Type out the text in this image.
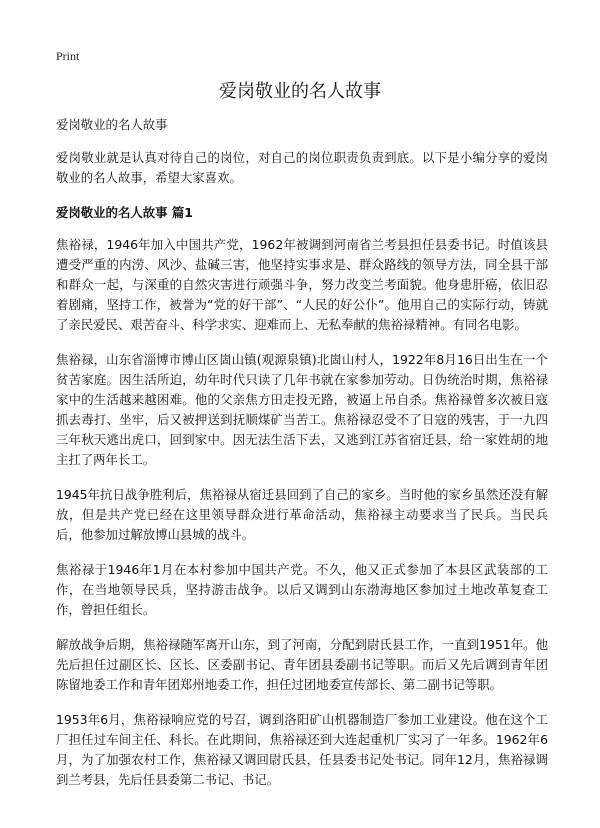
Print
爱岗敬业的名人故事

爱岗敬业的名人故事

爱岗敬业就是认真对待自己的岗位，对自己的岗位职责负责到底。以下是小编分享的爱岗敬业的名人故事，希望大家喜欢。

爱岗敬业的名人故事 篇1

焦裕禄，1946年加入中国共产党，1962年被调到河南省兰考县担任县委书记。时值该县遭受严重的内涝、风沙、盐碱三害，他坚持实事求是、群众路线的领导方法，同全县干部和群众一起，与深重的自然灾害进行顽强斗争，努力改变兰考面貌。他身患肝癌，依旧忍着剧痛，坚持工作，被誉为“党的好干部”、“人民的好公仆”。他用自己的实际行动，铸就了亲民爱民、艰苦奋斗、科学求实、迎难而上、无私奉献的焦裕禄精神。有同名电影。

焦裕禄，山东省淄博市博山区崮山镇(观源泉镇)北崮山村人，1922年8月16日出生在一个贫苦家庭。因生活所迫，幼年时代只读了几年书就在家参加劳动。日伪统治时期，焦裕禄家中的生活越来越困难。他的父亲焦方田走投无路，被逼上吊自杀。焦裕禄曾多次被日寇抓去毒打、坐牢，后又被押送到抚顺煤矿当苦工。焦裕禄忍受不了日寇的残害，于一九四三年秋天逃出虎口，回到家中。因无法生活下去，又逃到江苏省宿迁县，给一家姓胡的地主扛了两年长工。

1945年抗日战争胜利后，焦裕禄从宿迁县回到了自己的家乡。当时他的家乡虽然还没有解放，但是共产党已经在这里领导群众进行革命活动，焦裕禄主动要求当了民兵。当民兵后，他参加过解放博山县城的战斗。

焦裕禄于1946年1月在本村参加中国共产党。不久，他又正式参加了本县区武装部的工作，在当地领导民兵，坚持游击战争。以后又调到山东渤海地区参加过土地改革复查工作，曾担任组长。

解放战争后期，焦裕禄随军离开山东，到了河南，分配到尉氏县工作，一直到1951年。他先后担任过副区长、区长、区委副书记、青年团县委副书记等职。而后又先后调到青年团陈留地委工作和青年团郑州地委工作，担任过团地委宣传部长、第二副书记等职。

1953年6月，焦裕禄响应党的号召，调到洛阳矿山机器制造厂参加工业建设。他在这个工厂担任过车间主任、科长。在此期间，焦裕禄还到大连起重机厂实习了一年多。1962年6月，为了加强农村工作，焦裕禄又调回尉氏县，任县委书记处书记。同年12月，焦裕禄调到兰考县，先后任县委第二书记、书记。
